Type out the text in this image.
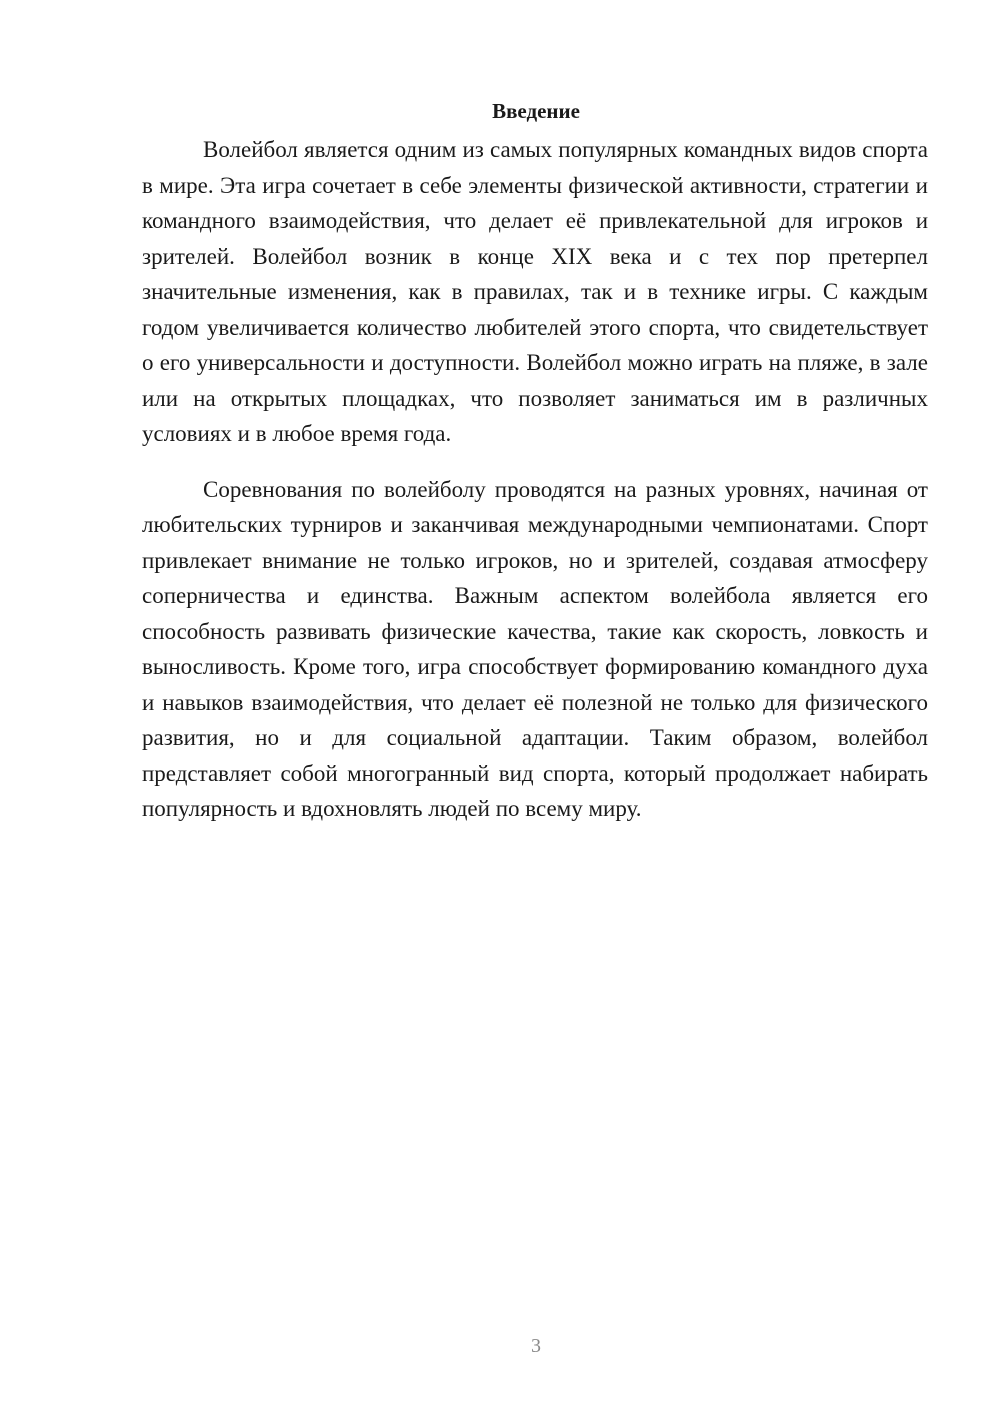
Введение

Волейбол является одним из самых популярных командных видов спорта в мире. Эта игра сочетает в себе элементы физической активности, стратегии и командного взаимодействия, что делает её привлекательной для игроков и зрителей. Волейбол возник в конце XIX века и с тех пор претерпел значительные изменения, как в правилах, так и в технике игры. С каждым годом увеличивается количество любителей этого спорта, что свидетельствует о его универсальности и доступности. Волейбол можно играть на пляже, в зале или на открытых площадках, что позволяет заниматься им в различных условиях и в любое время года.

Соревнования по волейболу проводятся на разных уровнях, начиная от любительских турниров и заканчивая международными чемпионатами. Спорт привлекает внимание не только игроков, но и зрителей, создавая атмосферу соперничества и единства. Важным аспектом волейбола является его способность развивать физические качества, такие как скорость, ловкость и выносливость. Кроме того, игра способствует формированию командного духа и навыков взаимодействия, что делает её полезной не только для физического развития, но и для социальной адаптации. Таким образом, волейбол представляет собой многогранный вид спорта, который продолжает набирать популярность и вдохновлять людей по всему миру.

3
